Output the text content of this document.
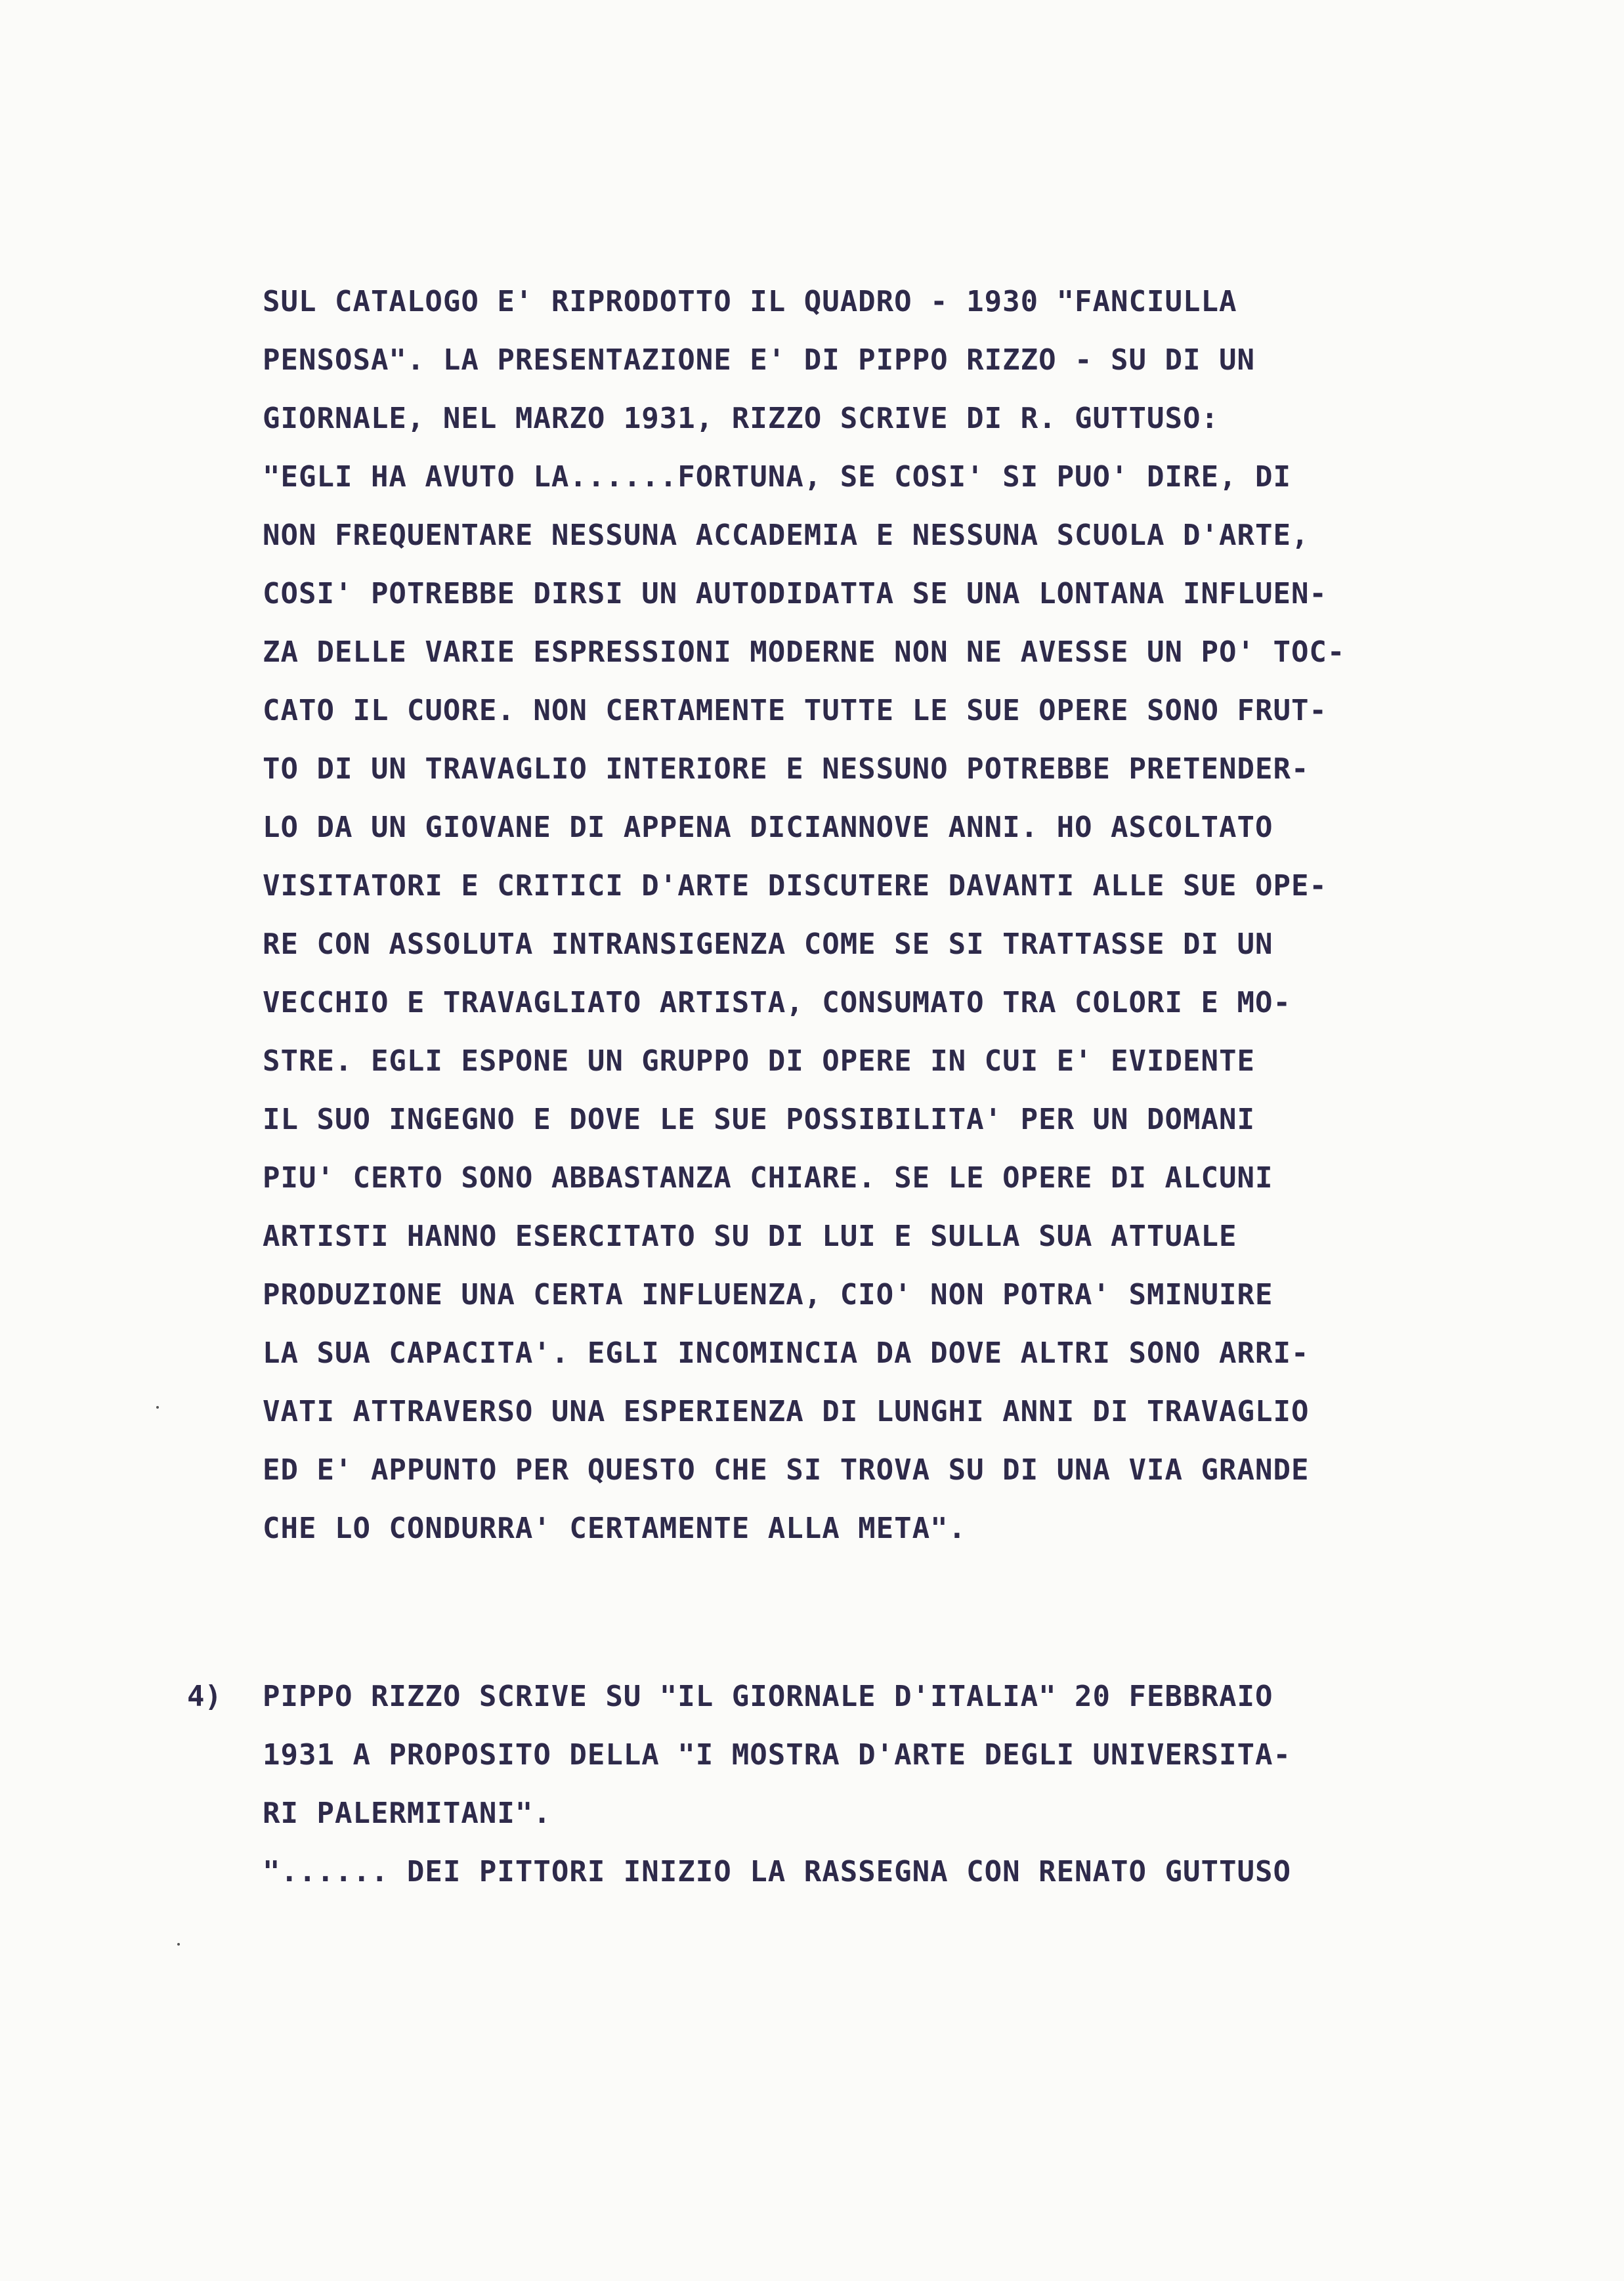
SUL CATALOGO E' RIPRODOTTO IL QUADRO - 1930 "FANCIULLA
PENSOSA". LA PRESENTAZIONE E' DI PIPPO RIZZO - SU DI UN
GIORNALE, NEL MARZO 1931, RIZZO SCRIVE DI R. GUTTUSO:
"EGLI HA AVUTO LA......FORTUNA, SE COSI' SI PUO' DIRE, DI
NON FREQUENTARE NESSUNA ACCADEMIA E NESSUNA SCUOLA D'ARTE,
COSI' POTREBBE DIRSI UN AUTODIDATTA SE UNA LONTANA INFLUEN-
ZA DELLE VARIE ESPRESSIONI MODERNE NON NE AVESSE UN PO' TOC-
CATO IL CUORE. NON CERTAMENTE TUTTE LE SUE OPERE SONO FRUT-
TO DI UN TRAVAGLIO INTERIORE E NESSUNO POTREBBE PRETENDER-
LO DA UN GIOVANE DI APPENA DICIANNOVE ANNI. HO ASCOLTATO
VISITATORI E CRITICI D'ARTE DISCUTERE DAVANTI ALLE SUE OPE-
RE CON ASSOLUTA INTRANSIGENZA COME SE SI TRATTASSE DI UN
VECCHIO E TRAVAGLIATO ARTISTA, CONSUMATO TRA COLORI E MO-
STRE. EGLI ESPONE UN GRUPPO DI OPERE IN CUI E' EVIDENTE
IL SUO INGEGNO E DOVE LE SUE POSSIBILITA' PER UN DOMANI
PIU' CERTO SONO ABBASTANZA CHIARE. SE LE OPERE DI ALCUNI
ARTISTI HANNO ESERCITATO SU DI LUI E SULLA SUA ATTUALE
PRODUZIONE UNA CERTA INFLUENZA, CIO' NON POTRA' SMINUIRE
LA SUA CAPACITA'. EGLI INCOMINCIA DA DOVE ALTRI SONO ARRI-
VATI ATTRAVERSO UNA ESPERIENZA DI LUNGHI ANNI DI TRAVAGLIO
ED E' APPUNTO PER QUESTO CHE SI TROVA SU DI UNA VIA GRANDE
CHE LO CONDURRA' CERTAMENTE ALLA META".
4) PIPPO RIZZO SCRIVE SU "IL GIORNALE D'ITALIA" 20 FEBBRAIO
1931 A PROPOSITO DELLA "I MOSTRA D'ARTE DEGLI UNIVERSITA-
RI PALERMITANI".
"...... DEI PITTORI INIZIO LA RASSEGNA CON RENATO GUTTUSO
